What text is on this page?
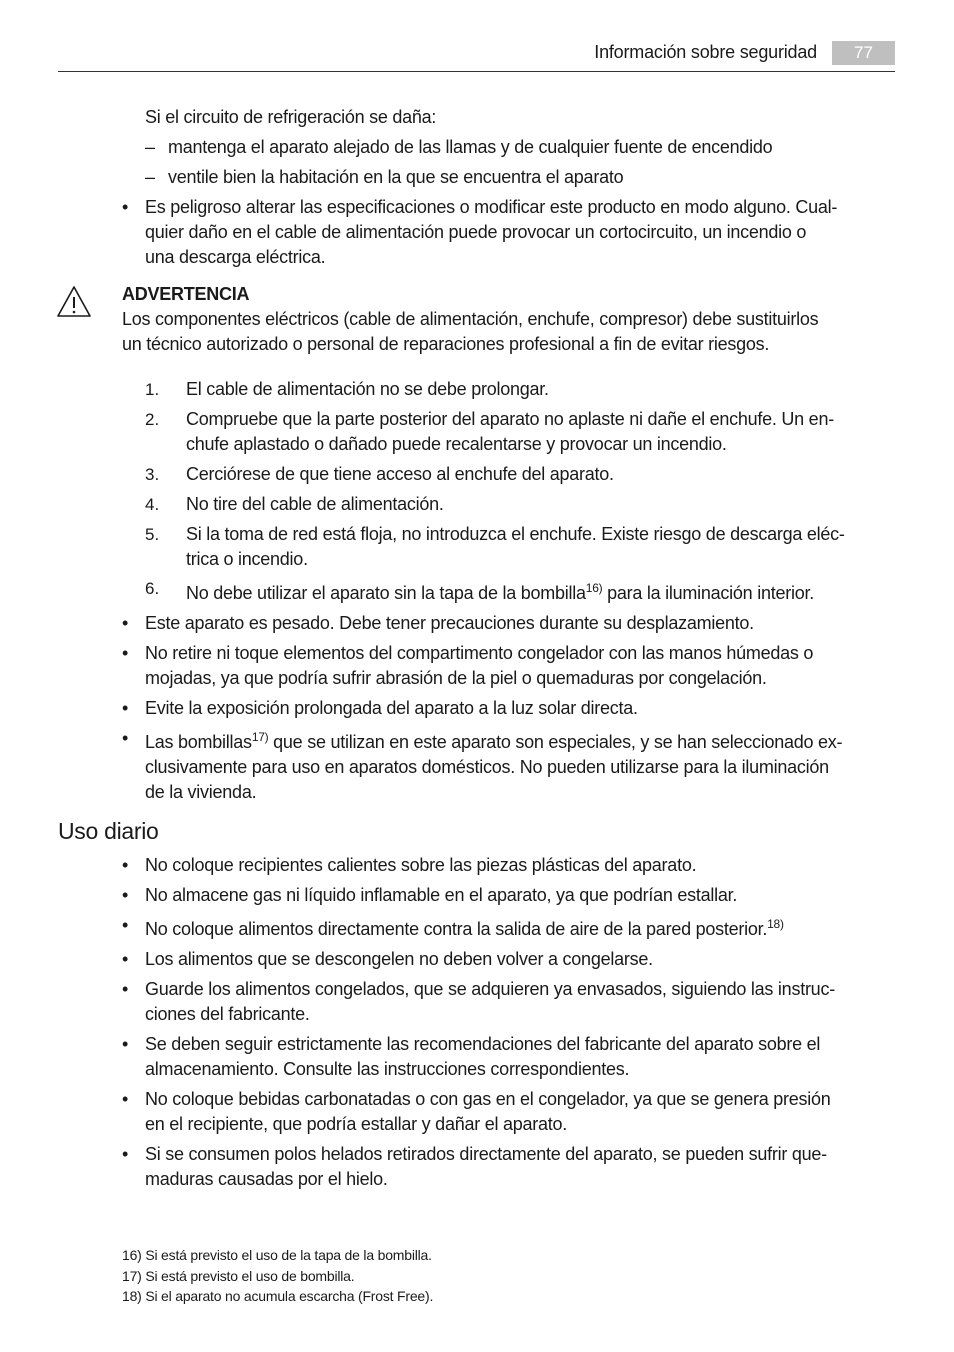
Información sobre seguridad	77
Si el circuito de refrigeración se daña:
– mantenga el aparato alejado de las llamas y de cualquier fuente de encendido
– ventile bien la habitación en la que se encuentra el aparato
• Es peligroso alterar las especificaciones o modificar este producto en modo alguno. Cual-
quier daño en el cable de alimentación puede provocar un cortocircuito, un incendio o
una descarga eléctrica.
ADVERTENCIA
Los componentes eléctricos (cable de alimentación, enchufe, compresor) debe sustituirlos
un técnico autorizado o personal de reparaciones profesional a fin de evitar riesgos.
1. El cable de alimentación no se debe prolongar.
2. Compruebe que la parte posterior del aparato no aplaste ni dañe el enchufe. Un en-
chufe aplastado o dañado puede recalentarse y provocar un incendio.
3. Cerciórese de que tiene acceso al enchufe del aparato.
4. No tire del cable de alimentación.
5. Si la toma de red está floja, no introduzca el enchufe. Existe riesgo de descarga eléc-
trica o incendio.
6. No debe utilizar el aparato sin la tapa de la bombilla$^{16)}$ para la iluminación interior.
• Este aparato es pesado. Debe tener precauciones durante su desplazamiento.
• No retire ni toque elementos del compartimento congelador con las manos húmedas o
mojadas, ya que podría sufrir abrasión de la piel o quemaduras por congelación.
• Evite la exposición prolongada del aparato a la luz solar directa.
• Las bombillas$^{17)}$ que se utilizan en este aparato son especiales, y se han seleccionado ex-
clusivamente para uso en aparatos domésticos. No pueden utilizarse para la iluminación
de la vivienda.
Uso diario
• No coloque recipientes calientes sobre las piezas plásticas del aparato.
• No almacene gas ni líquido inflamable en el aparato, ya que podrían estallar.
• No coloque alimentos directamente contra la salida de aire de la pared posterior.$^{18)}$
• Los alimentos que se descongelen no deben volver a congelarse.
• Guarde los alimentos congelados, que se adquieren ya envasados, siguiendo las instruc-
ciones del fabricante.
• Se deben seguir estrictamente las recomendaciones del fabricante del aparato sobre el
almacenamiento. Consulte las instrucciones correspondientes.
• No coloque bebidas carbonatadas o con gas en el congelador, ya que se genera presión
en el recipiente, que podría estallar y dañar el aparato.
• Si se consumen polos helados retirados directamente del aparato, se pueden sufrir que-
maduras causadas por el hielo.
16) Si está previsto el uso de la tapa de la bombilla.
17) Si está previsto el uso de bombilla.
18) Si el aparato no acumula escarcha (Frost Free).
